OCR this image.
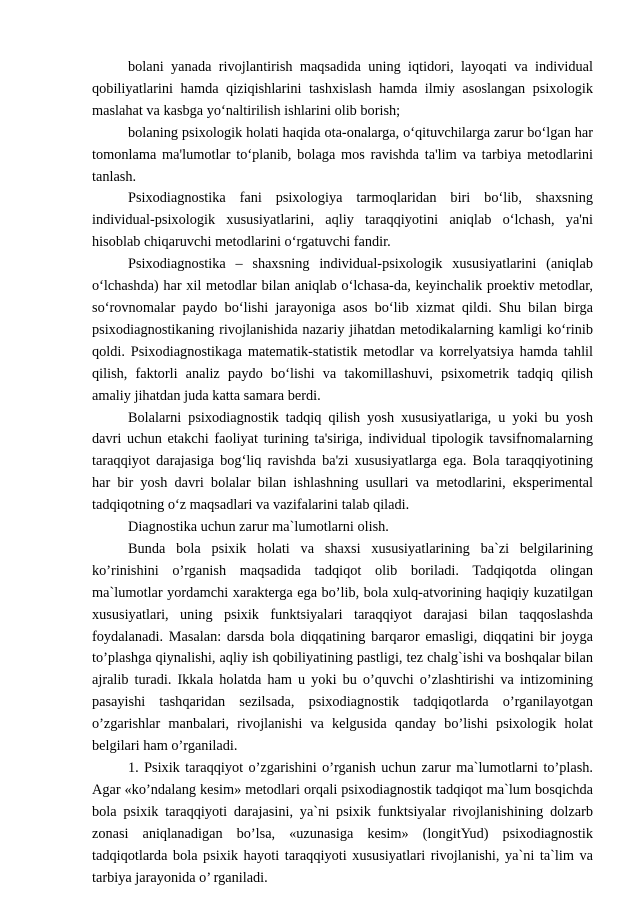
bolani yanada rivojlantirish maqsadida uning iqtidori, layoqati va individual qobiliyatlarini hamda qiziqishlarini tashxislash hamda ilmiy asoslangan psixologik maslahat va kasbga yo‘naltirilish ishlarini olib borish;

bolaning psixologik holati haqida ota-onalarga, o‘qituvchilarga zarur bo‘lgan har tomonlama ma'lumotlar to‘planib, bolaga mos ravishda ta'lim va tarbiya metodlarini tanlash.

Psixodiagnostika fani psixologiya tarmoqlaridan biri bo‘lib, shaxsning individual-psixologik xususiyatlarini, aqliy taraqqiyotini aniqlab o‘lchash, ya'ni hisoblab chiqaruvchi metodlarini o‘rgatuvchi fandir.

Psixodiagnostika – shaxsning individual-psixologik xususiyatlarini (aniqlab o‘lchashda) har xil metodlar bilan aniqlab o‘lchasa-da, keyinchalik proektiv metodlar, so‘rovnomalar paydo bo‘lishi jarayoniga asos bo‘lib xizmat qildi. Shu bilan birga psixodiagnostikaning rivojlanishida nazariy jihatdan metodikalarning kamligi ko‘rinib qoldi. Psixodiagnostikaga matematik-statistik metodlar va korrelyatsiya hamda tahlil qilish, faktorli analiz paydo bo‘lishi va takomillashuvi, psixometrik tadqiq qilish amaliy jihatdan juda katta samara berdi.

Bolalarni psixodiagnostik tadqiq qilish yosh xususiyatlariga, u yoki bu yosh davri uchun etakchi faoliyat turining ta'siriga, individual tipologik tavsifnomalarning taraqqiyot darajasiga bog‘liq ravishda ba'zi xususiyatlarga ega. Bola taraqqiyotining har bir yosh davri bolalar bilan ishlashning usullari va metodlarini, eksperimental tadqiqotning o‘z maqsadlari va vazifalarini talab qiladi.

Diagnostika uchun zarur ma`lumotlarni olish.

Bunda bola psixik holati va shaxsi xususiyatlarining ba`zi belgilarining ko’rinishini o’rganish maqsadida tadqiqot olib boriladi. Tadqiqotda olingan ma`lumotlar yordamchi xarakterga ega bo’lib, bola xulq-atvorining haqiqiy kuzatilgan xususiyatlari, uning psixik funktsiyalari taraqqiyot darajasi bilan taqqoslashda foydalanadi. Masalan: darsda bola diqqatining barqaror emasligi, diqqatini bir joyga to’plashga qiynalishi, aqliy ish qobiliyatining pastligi, tez chalg`ishi va boshqalar bilan ajralib turadi. Ikkala holatda ham u yoki bu o’quvchi o’zlashtirishi va intizomining pasayishi tashqaridan sezilsada, psixodiagnostik tadqiqotlarda o’rganilayotgan o’zgarishlar manbalari, rivojlanishi va kelgusida qanday bo’lishi psixologik holat belgilari ham o’rganiladi.

1. Psixik taraqqiyot o’zgarishini o’rganish uchun zarur ma`lumotlarni to’plash. Agar «ko’ndalang kesim» metodlari orqali psixodiagnostik tadqiqot ma`lum bosqichda bola psixik taraqqiyoti darajasini, ya`ni psixik funktsiyalar rivojlanishining dolzarb zonasi aniqlanadigan bo’lsa, «uzunasiga kesim» (longitYud) psixodiagnostik tadqiqotlarda bola psixik hayoti taraqqiyoti xususiyatlari rivojlanishi, ya`ni ta`lim va tarbiya jarayonida o’ rganiladi.
